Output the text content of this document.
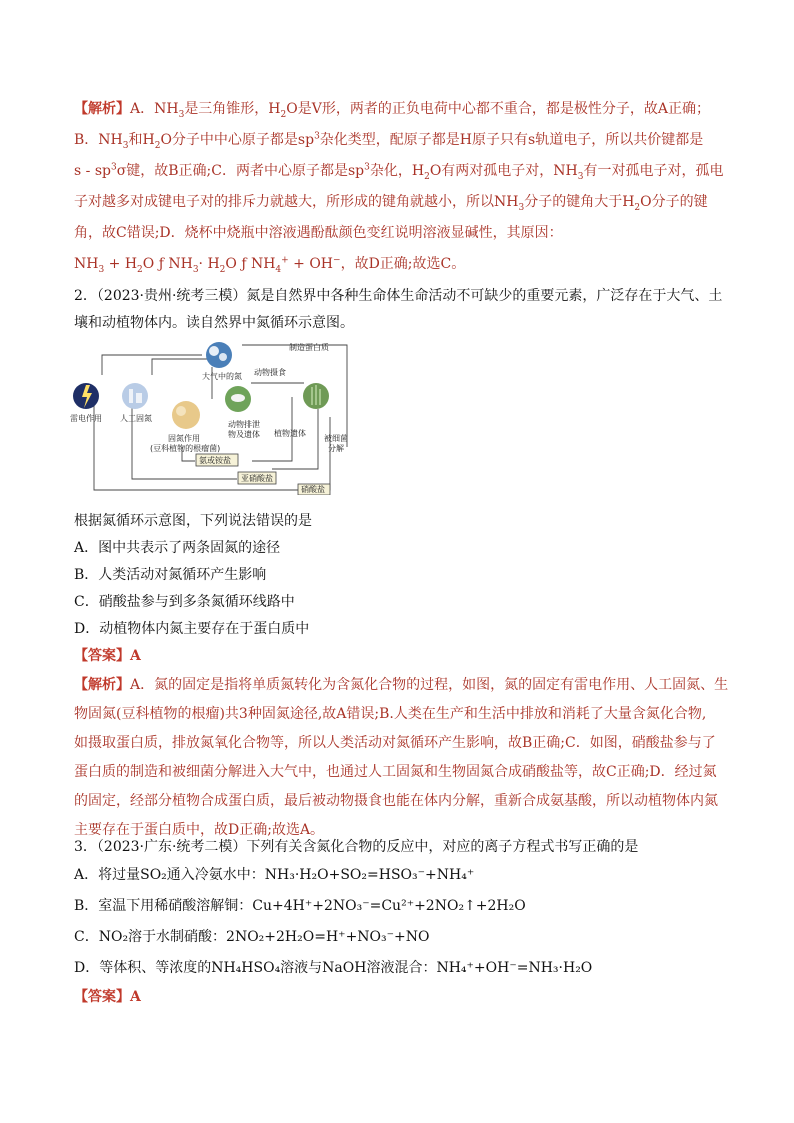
【解析】A．$NH_3$是三角锥形，$H_2O$是V形，两者的正负电荷中心都不重合，都是极性分子，故A正确；
B．$NH_3$和$H_2O$分子中中心原子都是$sp^3$杂化类型，配原子都是H原子只有s轨道电子，所以共价键都是
s - $sp^3\sigma$键，故B正确;C．两者中心原子都是$sp^3$杂化，$H_2O$有两对孤电子对，$NH_3$有一对孤电子对，孤电
子对越多对成键电子对的排斥力就越大，所形成的键角就越小，所以$NH_3$分子的键角大于$H_2O$分子的键
角，故C错误;D．烧杯中烧瓶中溶液遇酚酞颜色变红说明溶液显碱性，其原因：
$NH_3 + H_2O$ ƒ $NH_3\cdot H_2O$ ƒ $NH_4^+ + OH^-$，故D正确;故选C。
2．（2023·贵州·统考三模）氮是自然界中各种生命体生命活动不可缺少的重要元素，广泛存在于大气、土
壤和动植物体内。读自然界中氮循环示意图。
大气中的氮
雷电作用 人工固氮
固氮作用
(豆科植物的根瘤菌)
动物摄食
动物排泄
物及遗体
制造蛋白质
植物遗体
被细菌
分解
氨或铵盐
亚硝酸盐
硝酸盐
根据氮循环示意图，下列说法错误的是
A．图中共表示了两条固氮的途径
B．人类活动对氮循环产生影响
C．硝酸盐参与到多条氮循环线路中
D．动植物体内氮主要存在于蛋白质中
【答案】A
【解析】A．氮的固定是指将单质氮转化为含氮化合物的过程，如图，氮的固定有雷电作用、人工固氮、生
物固氮(豆科植物的根瘤)共3种固氮途径,故A错误;B.人类在生产和生活中排放和消耗了大量含氮化合物,
如摄取蛋白质，排放氮氧化合物等，所以人类活动对氮循环产生影响，故B正确;C．如图，硝酸盐参与了
蛋白质的制造和被细菌分解进入大气中，也通过人工固氮和生物固氮合成硝酸盐等，故C正确;D．经过氮
的固定，经部分植物合成蛋白质，最后被动物摄食也能在体内分解，重新合成氨基酸，所以动植物体内氮
主要存在于蛋白质中，故D正确;故选A。
3．（2023·广东·统考二模）下列有关含氮化合物的反应中，对应的离子方程式书写正确的是
A．将过量SO₂通入冷氨水中：NH₃·H₂O+SO₂=HSO₃⁻+NH₄⁺
B．室温下用稀硝酸溶解铜：Cu+4H⁺+2NO₃⁻=Cu²⁺+2NO₂↑+2H₂O
C．NO₂溶于水制硝酸：2NO₂+2H₂O=H⁺+NO₃⁻+NO
D．等体积、等浓度的NH₄HSO₄溶液与NaOH溶液混合：NH₄⁺+OH⁻=NH₃·H₂O
【答案】A
